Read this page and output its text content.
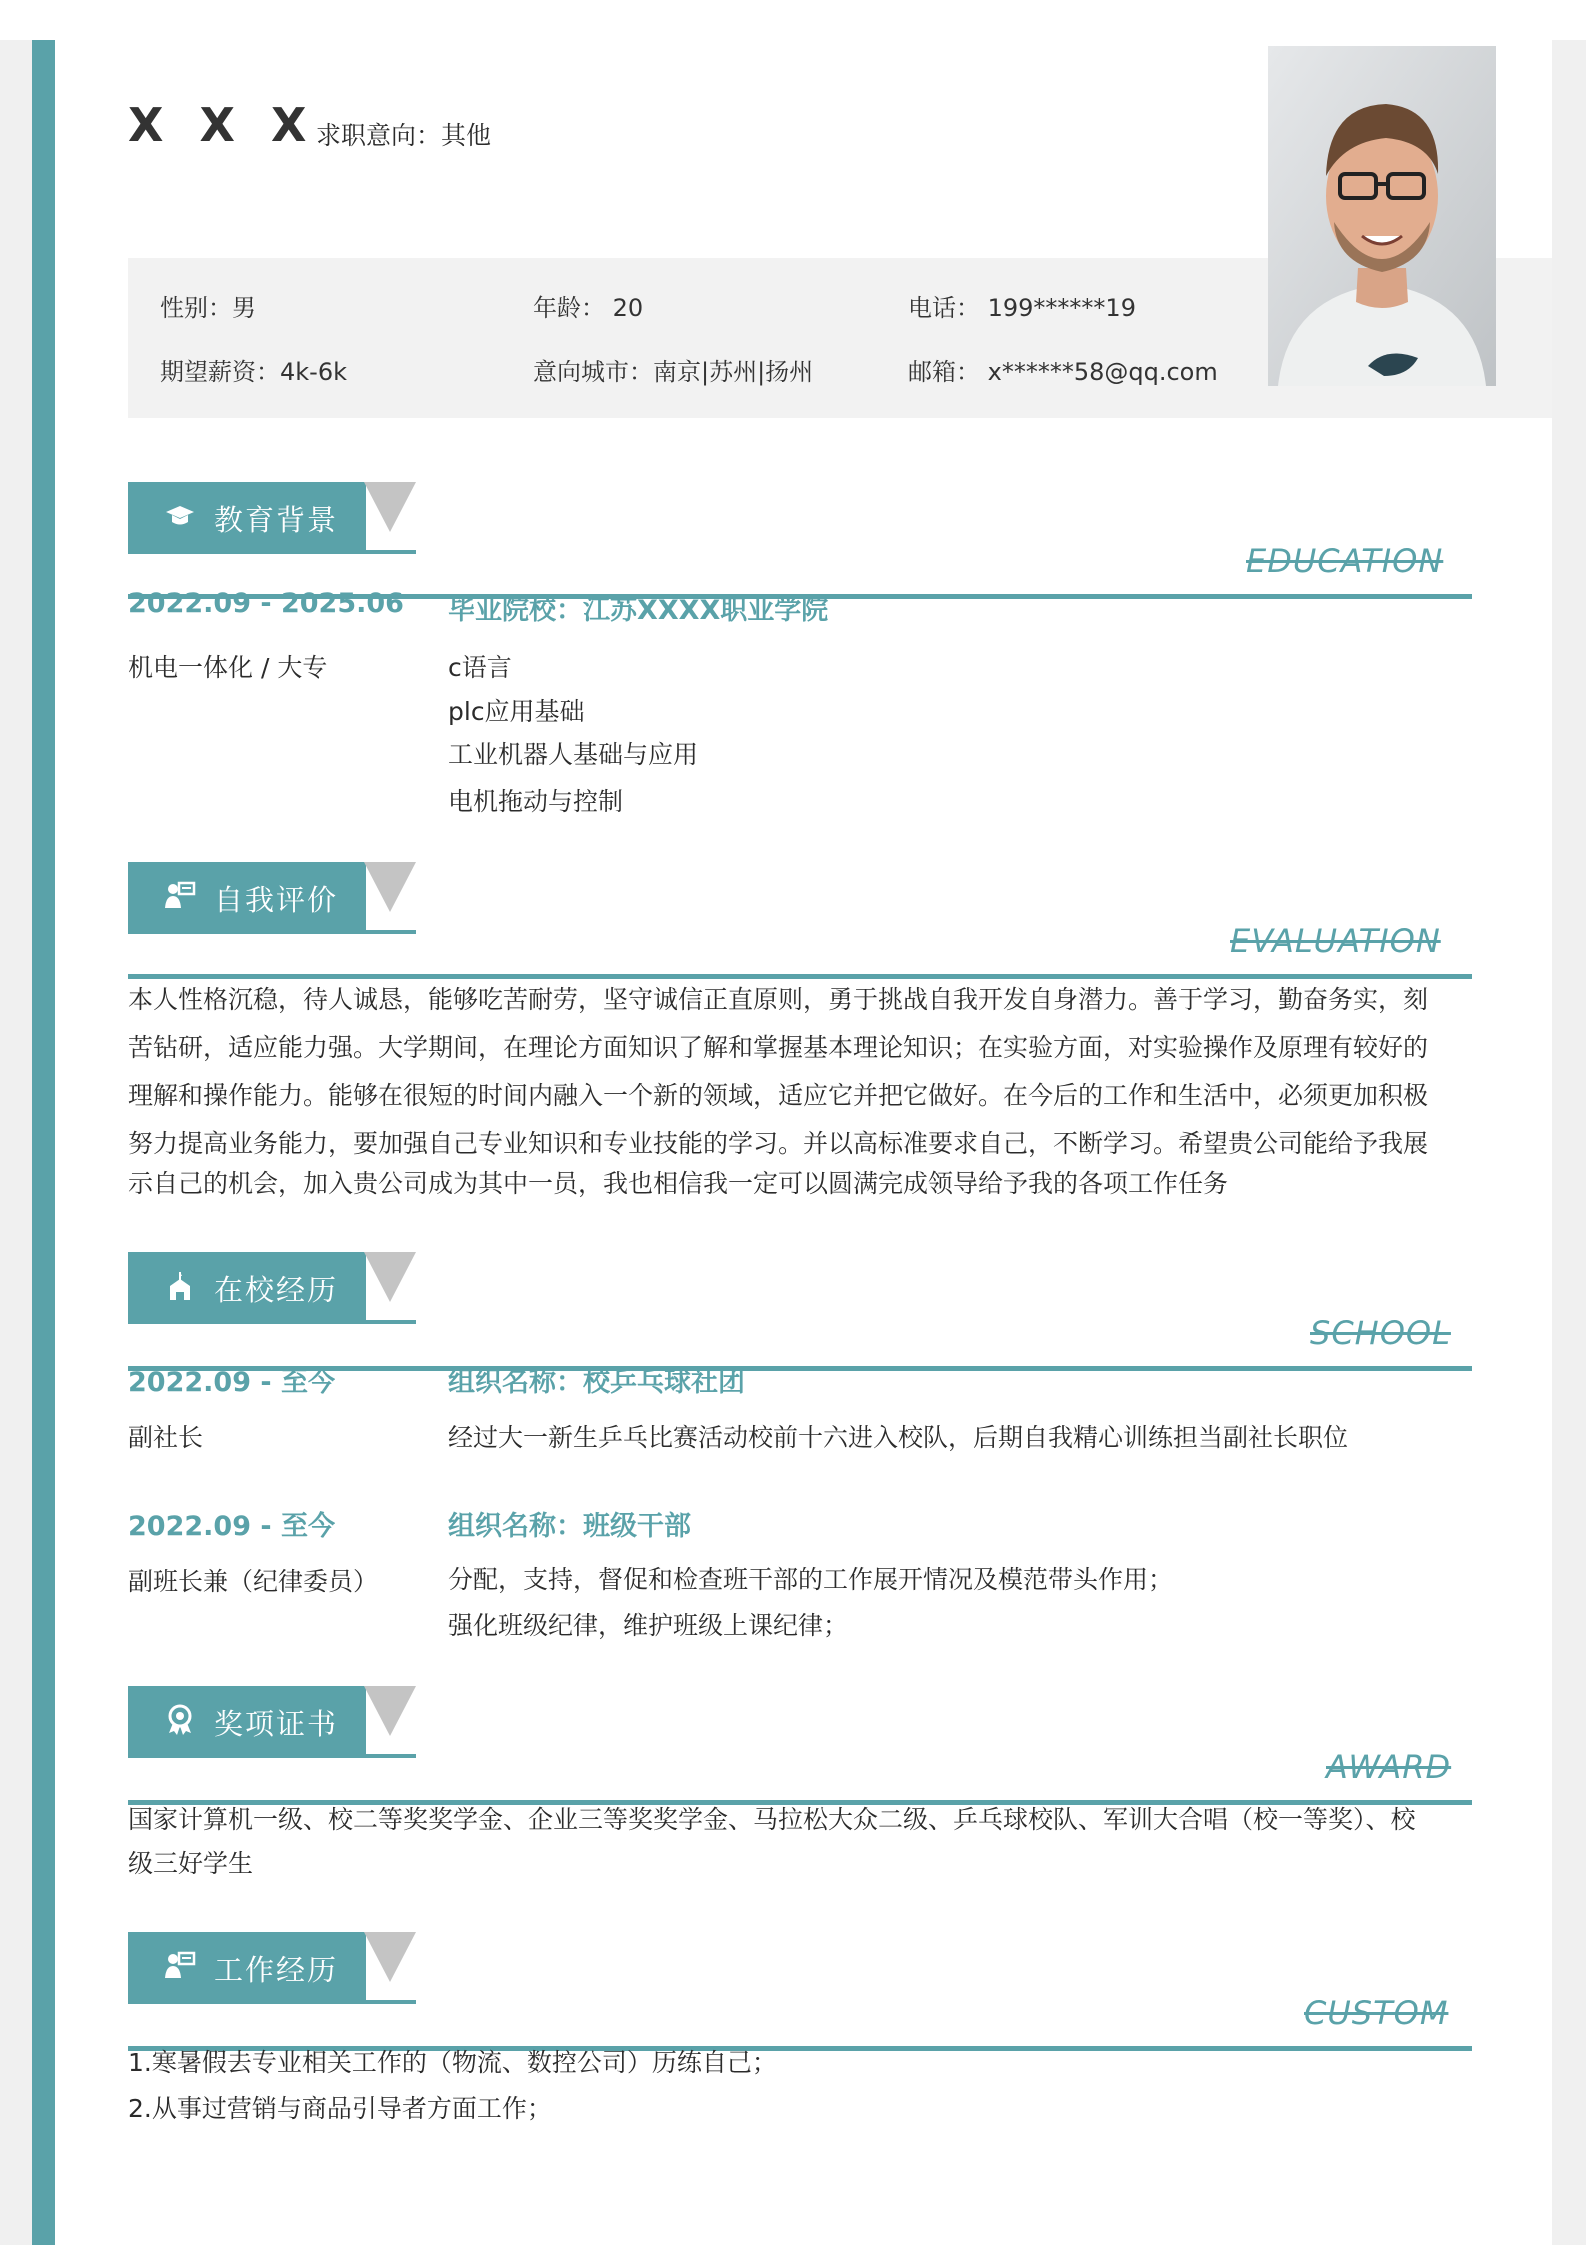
X X X 求职意向：其他
性别：男	年龄： 20	电话： 199******19
期望薪资：4k-6k	意向城市：南京|苏州|扬州	邮箱： x******58@qq.com
教育背景
EDUCATION
2022.09 - 2025.06 毕业院校：江苏XXXX职业学院
机电一体化 / 大专	c语言
plc应用基础
工业机器人基础与应用
电机拖动与控制
自我评价
EVALUATION

本人性格沉稳，待人诚恳，能够吃苦耐劳，坚守诚信正直原则，勇于挑战自我开发自身潜力。善于学习，勤奋务实，刻

苦钻研，适应能力强。大学期间，在理论方面知识了解和掌握基本理论知识；在实验方面，对实验操作及原理有较好的

理解和操作能力。能够在很短的时间内融入一个新的领域，适应它并把它做好。在今后的工作和生活中，必须更加积极

努力提高业务能力，要加强自己专业知识和专业技能的学习。并以高标准要求自己，不断学习。希望贵公司能给予我展

示自己的机会，加入贵公司成为其中一员，我也相信我一定可以圆满完成领导给予我的各项工作任务

在校经历
SCHOOL
2022.09 - 至今	组织名称：校乒乓球社团
副社长	经过大一新生乒乓比赛活动校前十六进入校队，后期自我精心训练担当副社长职位
2022.09 - 至今	组织名称：班级干部
副班长兼（纪律委员）	分配，支持，督促和检查班干部的工作展开情况及模范带头作用；
强化班级纪律，维护班级上课纪律；
奖项证书
AWARD

国家计算机一级、校二等奖奖学金、企业三等奖奖学金、马拉松大众二级、乒乓球校队、军训大合唱（校一等奖）、校

级三好学生

工作经历
CUSTOM

1.寒暑假去专业相关工作的（物流、数控公司）历练自己；

2.从事过营销与商品引导者方面工作；
